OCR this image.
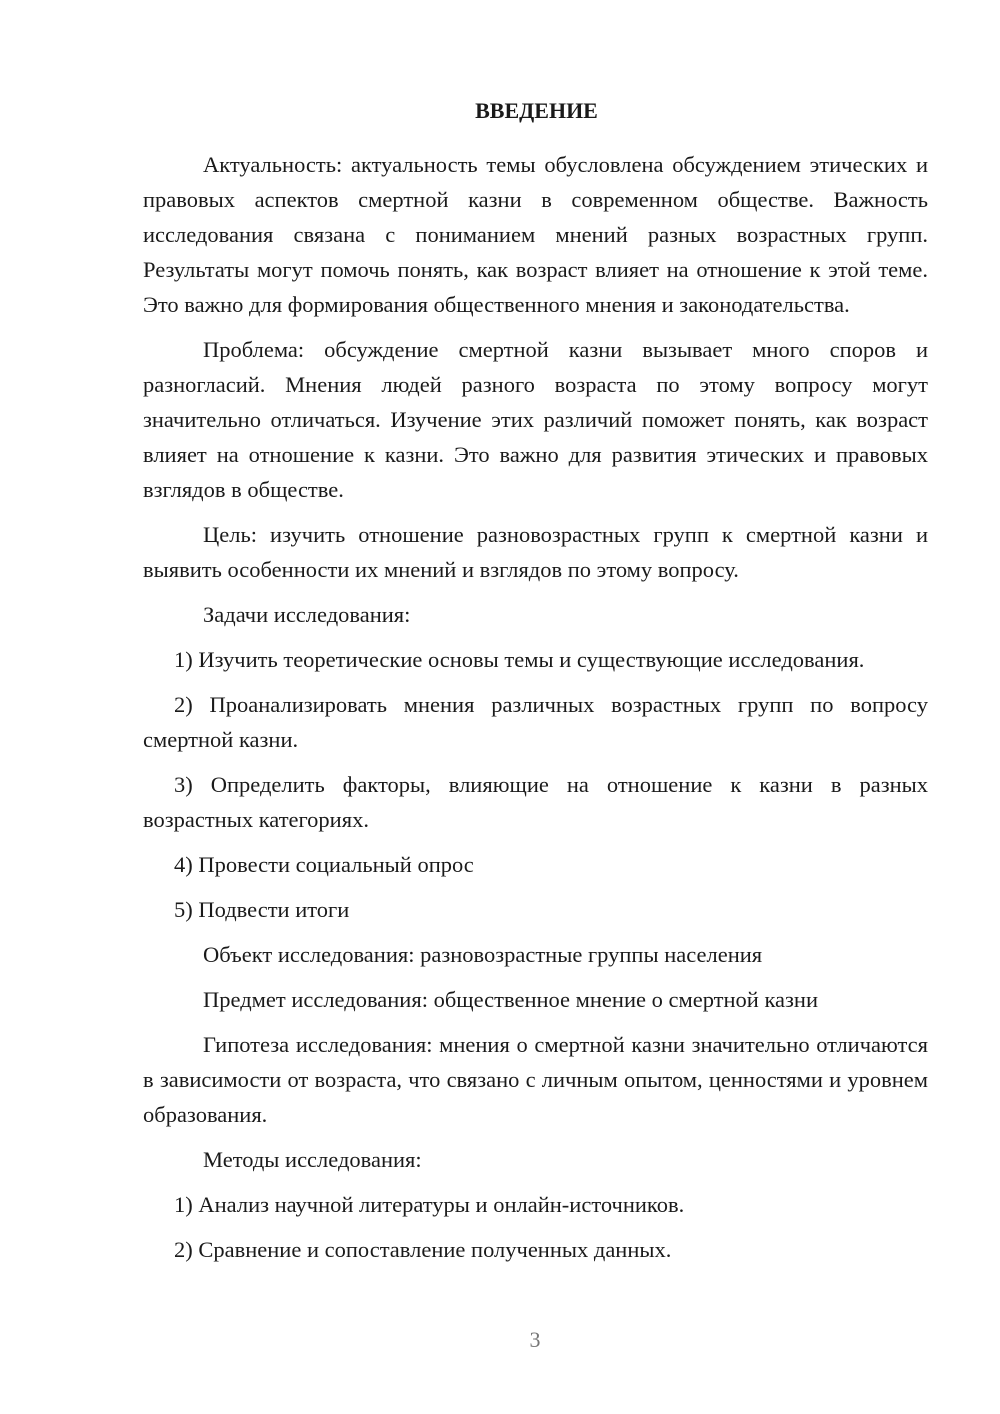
ВВЕДЕНИЕ

Актуальность: актуальность темы обусловлена обсуждением этических и правовых аспектов смертной казни в современном обществе. Важность исследования связана с пониманием мнений разных возрастных групп. Результаты могут помочь понять, как возраст влияет на отношение к этой теме. Это важно для формирования общественного мнения и законодательства.

Проблема: обсуждение смертной казни вызывает много споров и разногласий. Мнения людей разного возраста по этому вопросу могут значительно отличаться. Изучение этих различий поможет понять, как возраст влияет на отношение к казни. Это важно для развития этических и правовых взглядов в обществе.

Цель: изучить отношение разновозрастных групп к смертной казни и выявить особенности их мнений и взглядов по этому вопросу.

Задачи исследования:

1) Изучить теоретические основы темы и существующие исследования.

2) Проанализировать мнения различных возрастных групп по вопросу смертной казни.

3) Определить факторы, влияющие на отношение к казни в разных возрастных категориях.

4) Провести социальный опрос

5) Подвести итоги

Объект исследования: разновозрастные группы населения

Предмет исследования: общественное мнение о смертной казни

Гипотеза исследования: мнения о смертной казни значительно отличаются в зависимости от возраста, что связано с личным опытом, ценностями и уровнем образования.

Методы исследования:

1) Анализ научной литературы и онлайн-источников.

2) Сравнение и сопоставление полученных данных.

3
